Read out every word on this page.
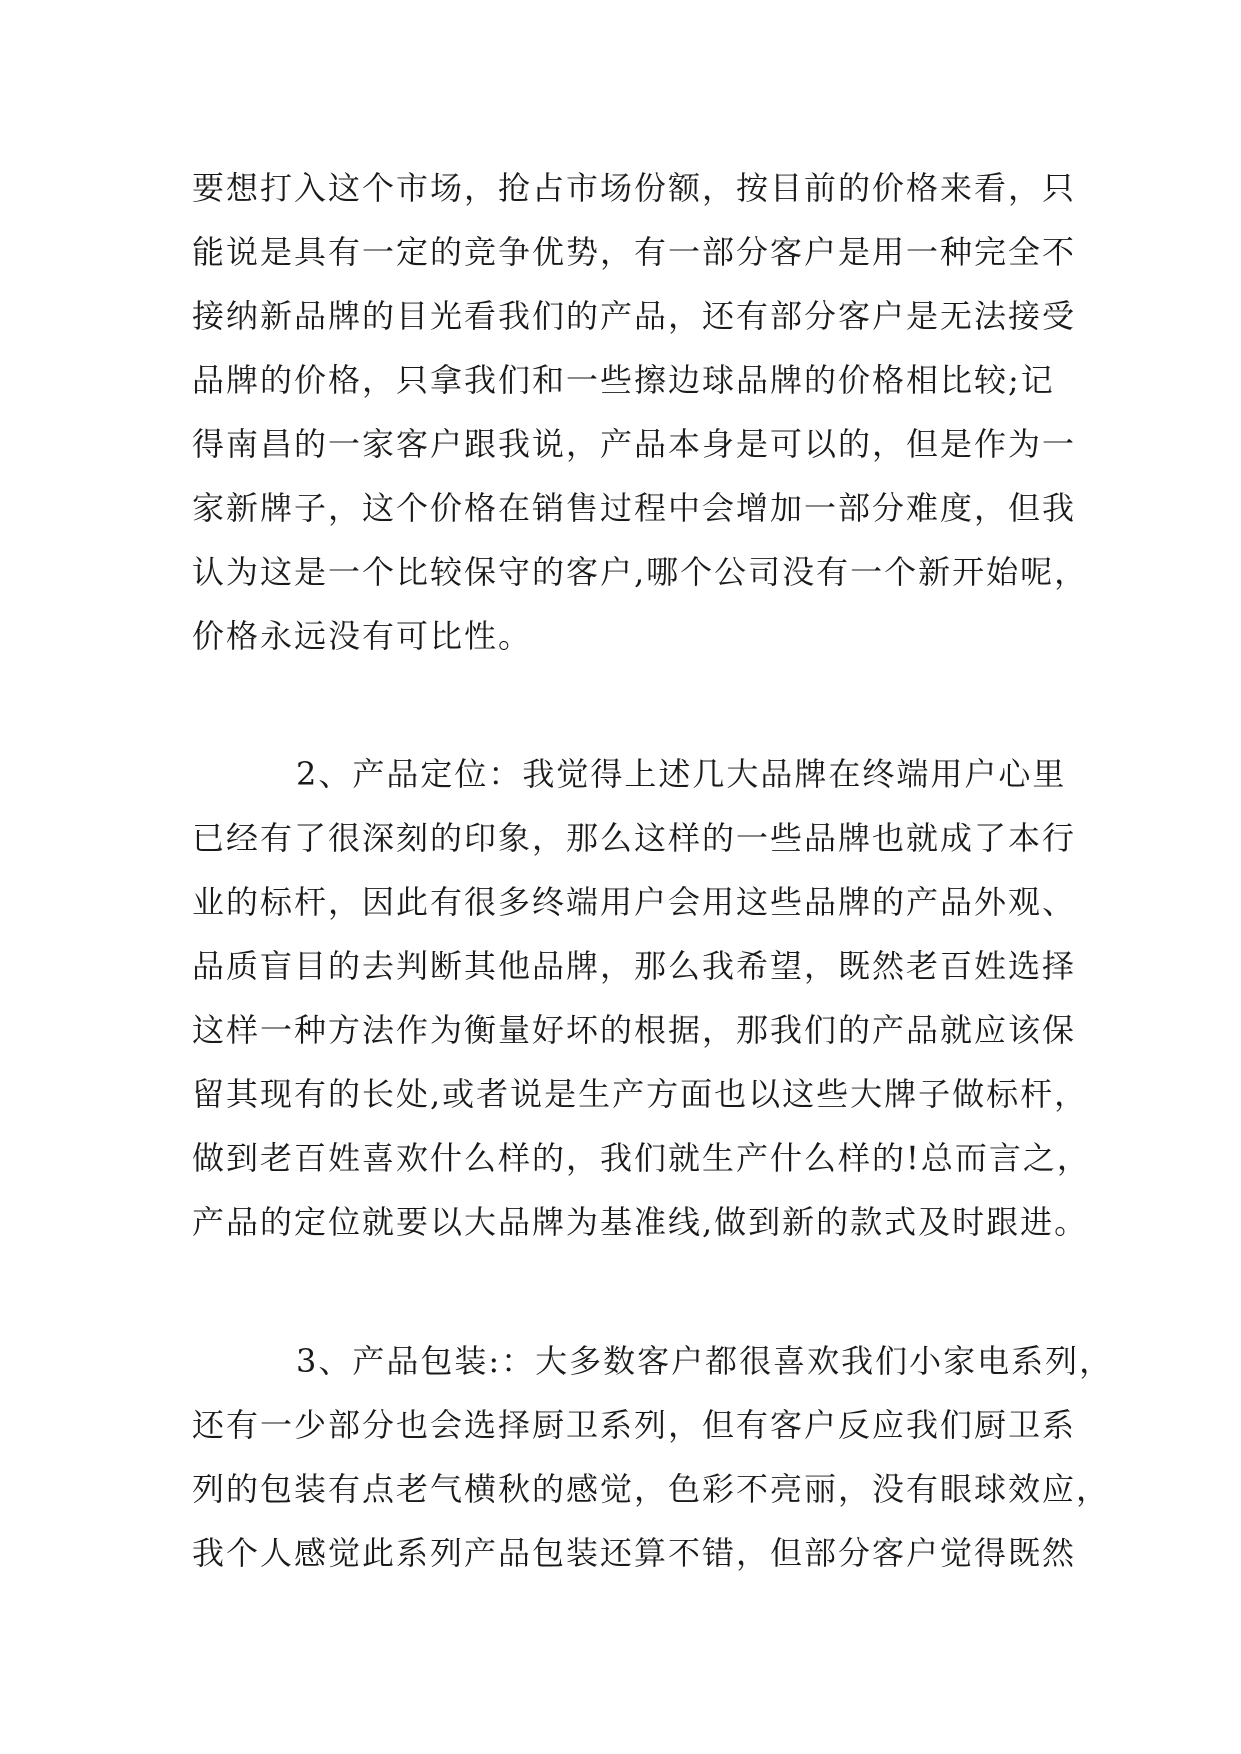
要想打入这个市场，抢占市场份额，按目前的价格来看，只
能说是具有一定的竞争优势，有一部分客户是用一种完全不
接纳新品牌的目光看我们的产品，还有部分客户是无法接受
品牌的价格，只拿我们和一些擦边球品牌的价格相比较;记
得南昌的一家客户跟我说，产品本身是可以的，但是作为一
家新牌子，这个价格在销售过程中会增加一部分难度，但我
认为这是一个比较保守的客户,哪个公司没有一个新开始呢，
价格永远没有可比性。

2、产品定位：我觉得上述几大品牌在终端用户心里
已经有了很深刻的印象，那么这样的一些品牌也就成了本行
业的标杆，因此有很多终端用户会用这些品牌的产品外观、
品质盲目的去判断其他品牌，那么我希望，既然老百姓选择
这样一种方法作为衡量好坏的根据，那我们的产品就应该保
留其现有的长处,或者说是生产方面也以这些大牌子做标杆，
做到老百姓喜欢什么样的，我们就生产什么样的!总而言之，
产品的定位就要以大品牌为基准线,做到新的款式及时跟进。

3、产品包装:：大多数客户都很喜欢我们小家电系列，
还有一少部分也会选择厨卫系列，但有客户反应我们厨卫系
列的包装有点老气横秋的感觉，色彩不亮丽，没有眼球效应，
我个人感觉此系列产品包装还算不错，但部分客户觉得既然
